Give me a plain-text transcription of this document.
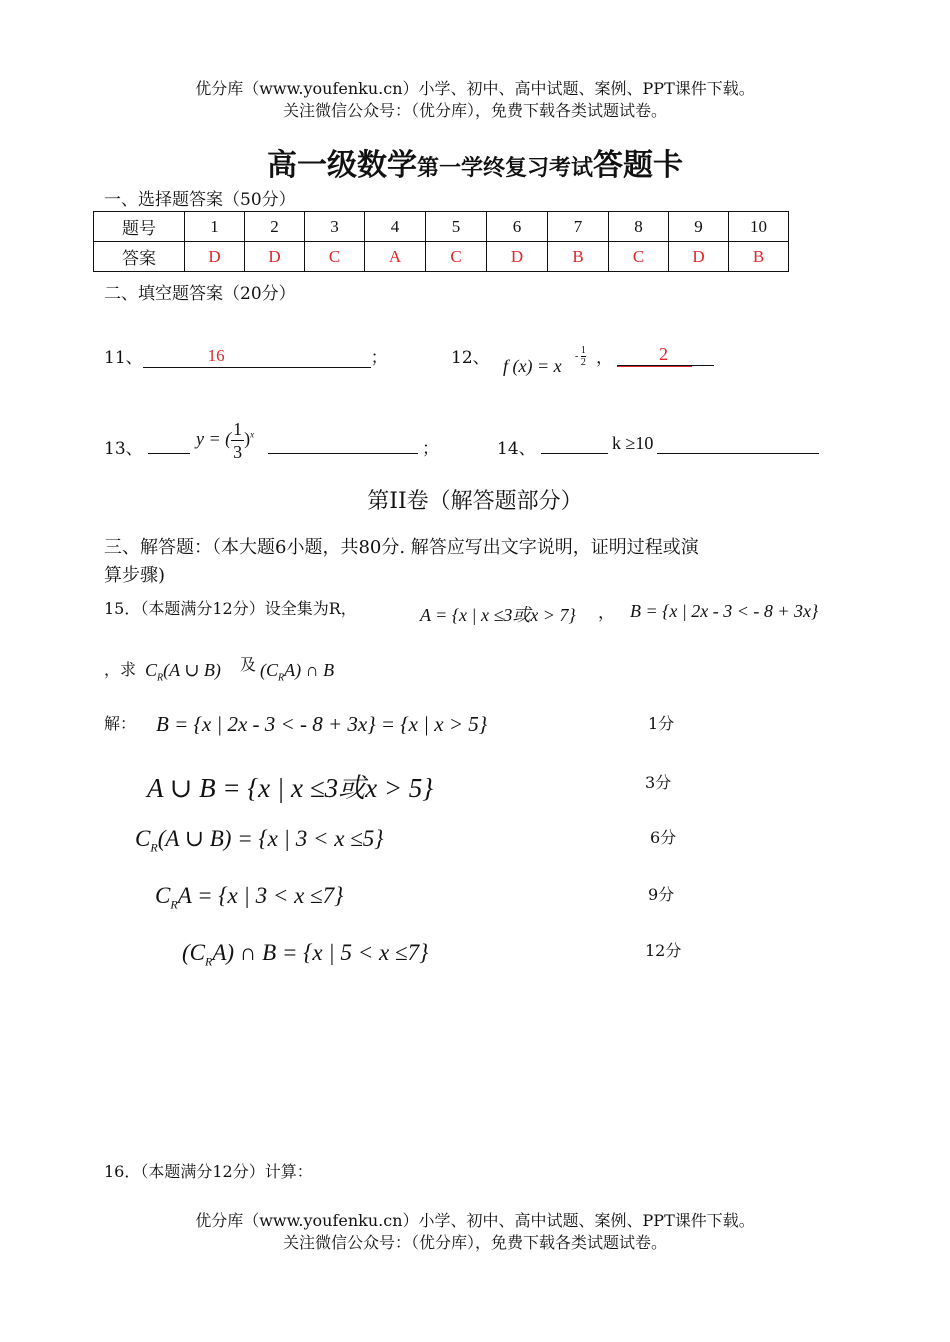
优分库（www.youfenku.cn）小学、初中、高中试题、案例、PPT课件下载。
关注微信公众号：（优分库），免费下载各类试题试卷。
高一级数学第一学终复习考试答题卡
一、选择题答案（50分）
题号	1	2	3	4	5	6	7	8	9	10
答案	D	D	C	A	C	D	B	C	D	B
二、填空题答案（20分）
11、	16	；	12、 f $(x) = x - \frac{1}{2}$ ，	2
13、
y = ( $\frac{1}{3} )^x$
；	14、	k ≥10
第II卷（解答题部分）
三、解答题：（本大题6小题，共80分. 解答应写出文字说明，证明过程或演
算步骤)
15．（本题满分12分）设全集为R，	A = {x | x ≤3或x > 7} ， B = {x | 2x - 3 < - 8 + 3x}
，求 $C_R(A$ ∪ B) 及 $(C_RA)$ ∩ B
解： B = {x | 2x - 3 < - 8 + 3x} = {x | x > 5}	1分
A ∪ B = {x | x ≤3或x > 5}	3分
$C_R(A$ ∪ B) = {x | 3 < x ≤5}	6分
$C_RA = \{x$ | 3 < x ≤7}	9分
$(C_RA)$ ∩ B = {x | 5 < x ≤7}	12分
16．（本题满分12分）计算：
优分库（www.youfenku.cn）小学、初中、高中试题、案例、PPT课件下载。
关注微信公众号：（优分库），免费下载各类试题试卷。
